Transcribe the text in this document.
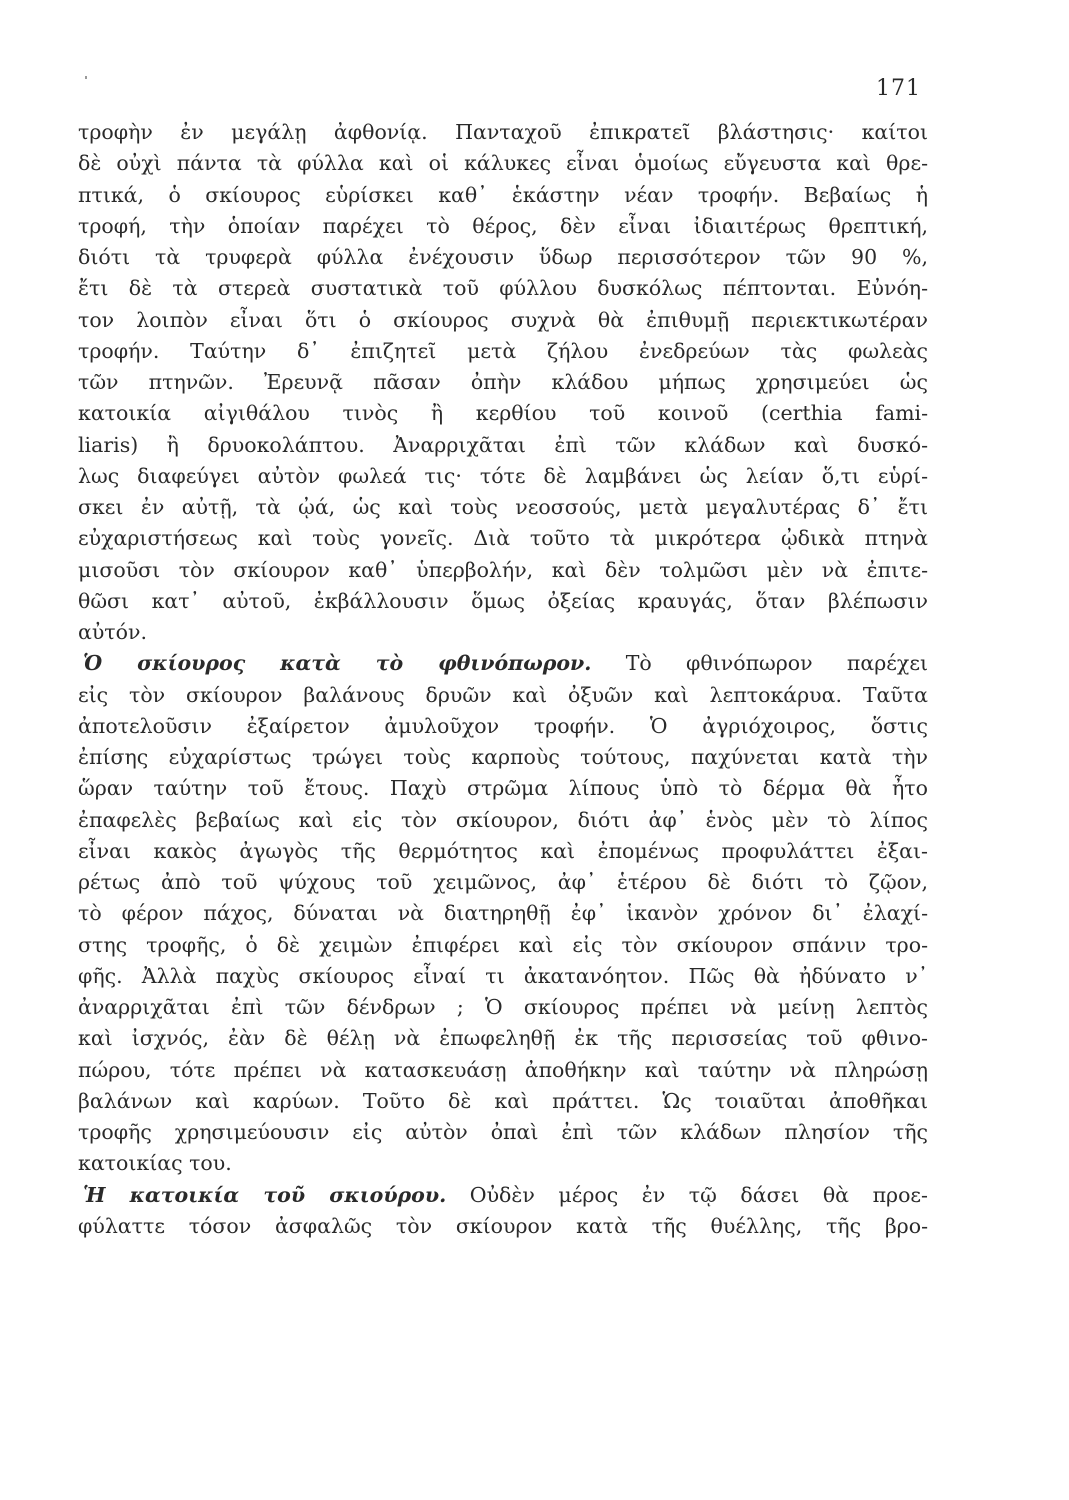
171
τροφὴν ἐν μεγάλῃ ἀφθονίᾳ. Πανταχοῦ ἐπικρατεῖ βλάστησις· καίτοι
δὲ οὐχὶ πάντα τὰ φύλλα καὶ οἱ κάλυκες εἶναι ὁμοίως εὔγευστα καὶ θρε-
πτικά, ὁ σκίουρος εὑρίσκει καθ᾽ ἑκάστην νέαν τροφήν. Βεβαίως ἡ
τροφή, τὴν ὁποίαν παρέχει τὸ θέρος, δὲν εἶναι ἰδιαιτέρως θρεπτική,
διότι τὰ τρυφερὰ φύλλα ἐνέχουσιν ὕδωρ περισσότερον τῶν 90 %,
ἔτι δὲ τὰ στερεὰ συστατικὰ τοῦ φύλλου δυσκόλως πέπτονται. Εὐνόη-
τον λοιπὸν εἶναι ὅτι ὁ σκίουρος συχνὰ θὰ ἐπιθυμῇ περιεκτικωτέραν
τροφήν. Ταύτην δ᾽ ἐπιζητεῖ μετὰ ζήλου ἐνεδρεύων τὰς φωλεὰς
τῶν πτηνῶν. Ἐρευνᾷ πᾶσαν ὀπὴν κλάδου μήπως χρησιμεύει ὡς
κατοικία αἰγιθάλου τινὸς ἢ κερθίου τοῦ κοινοῦ (certhia fami-
liaris) ἢ δρυοκολάπτου. Ἀναρριχᾶται ἐπὶ τῶν κλάδων καὶ δυσκό-
λως διαφεύγει αὐτὸν φωλεά τις· τότε δὲ λαμβάνει ὡς λείαν ὅ,τι εὑρί-
σκει ἐν αὐτῇ, τὰ ᾠά, ὡς καὶ τοὺς νεοσσούς, μετὰ μεγαλυτέρας δ᾽ ἔτι
εὐχαριστήσεως καὶ τοὺς γονεῖς. Διὰ τοῦτο τὰ μικρότερα ᾠδικὰ πτηνὰ
μισοῦσι τὸν σκίουρον καθ᾽ ὑπερβολήν, καὶ δὲν τολμῶσι μὲν νὰ ἐπιτε-
θῶσι κατ᾽ αὐτοῦ, ἐκβάλλουσιν ὅμως ὀξείας κραυγάς, ὅταν βλέπωσιν
αὐτόν.
Ὁ σκίουρος κατὰ τὸ φθινόπωρον. Τὸ φθινόπωρον παρέχει
εἰς τὸν σκίουρον βαλάνους δρυῶν καὶ ὀξυῶν καὶ λεπτοκάρυα. Ταῦτα
ἀποτελοῦσιν ἐξαίρετον ἀμυλοῦχον τροφήν. Ὁ ἀγριόχοιρος, ὅστις
ἐπίσης εὐχαρίστως τρώγει τοὺς καρποὺς τούτους, παχύνεται κατὰ τὴν
ὥραν ταύτην τοῦ ἔτους. Παχὺ στρῶμα λίπους ὑπὸ τὸ δέρμα θὰ ἦτο
ἐπαφελὲς βεβαίως καὶ εἰς τὸν σκίουρον, διότι ἀφ᾽ ἑνὸς μὲν τὸ λίπος
εἶναι κακὸς ἀγωγὸς τῆς θερμότητος καὶ ἐπομένως προφυλάττει ἐξαι-
ρέτως ἀπὸ τοῦ ψύχους τοῦ χειμῶνος, ἀφ᾽ ἑτέρου δὲ διότι τὸ ζῷον,
τὸ φέρον πάχος, δύναται νὰ διατηρηθῇ ἐφ᾽ ἱκανὸν χρόνον δι᾽ ἐλαχί-
στης τροφῆς, ὁ δὲ χειμὼν ἐπιφέρει καὶ εἰς τὸν σκίουρον σπάνιν τρο-
φῆς. Ἀλλὰ παχὺς σκίουρος εἶναί τι ἀκατανόητον. Πῶς θὰ ἠδύνατο ν᾽
ἀναρριχᾶται ἐπὶ τῶν δένδρων ; Ὁ σκίουρος πρέπει νὰ μείνῃ λεπτὸς
καὶ ἰσχνός, ἐὰν δὲ θέλῃ νὰ ἐπωφεληθῇ ἐκ τῆς περισσείας τοῦ φθινο-
πώρου, τότε πρέπει νὰ κατασκευάσῃ ἀποθήκην καὶ ταύτην νὰ πληρώσῃ
βαλάνων καὶ καρύων. Τοῦτο δὲ καὶ πράττει. Ὡς τοιαῦται ἀποθῆκαι
τροφῆς χρησιμεύουσιν εἰς αὐτὸν ὀπαὶ ἐπὶ τῶν κλάδων πλησίον τῆς
κατοικίας του.
Ἡ κατοικία τοῦ σκιούρου. Οὐδὲν μέρος ἐν τῷ δάσει θὰ προε-
φύλαττε τόσον ἀσφαλῶς τὸν σκίουρον κατὰ τῆς θυέλλης, τῆς βρο-
